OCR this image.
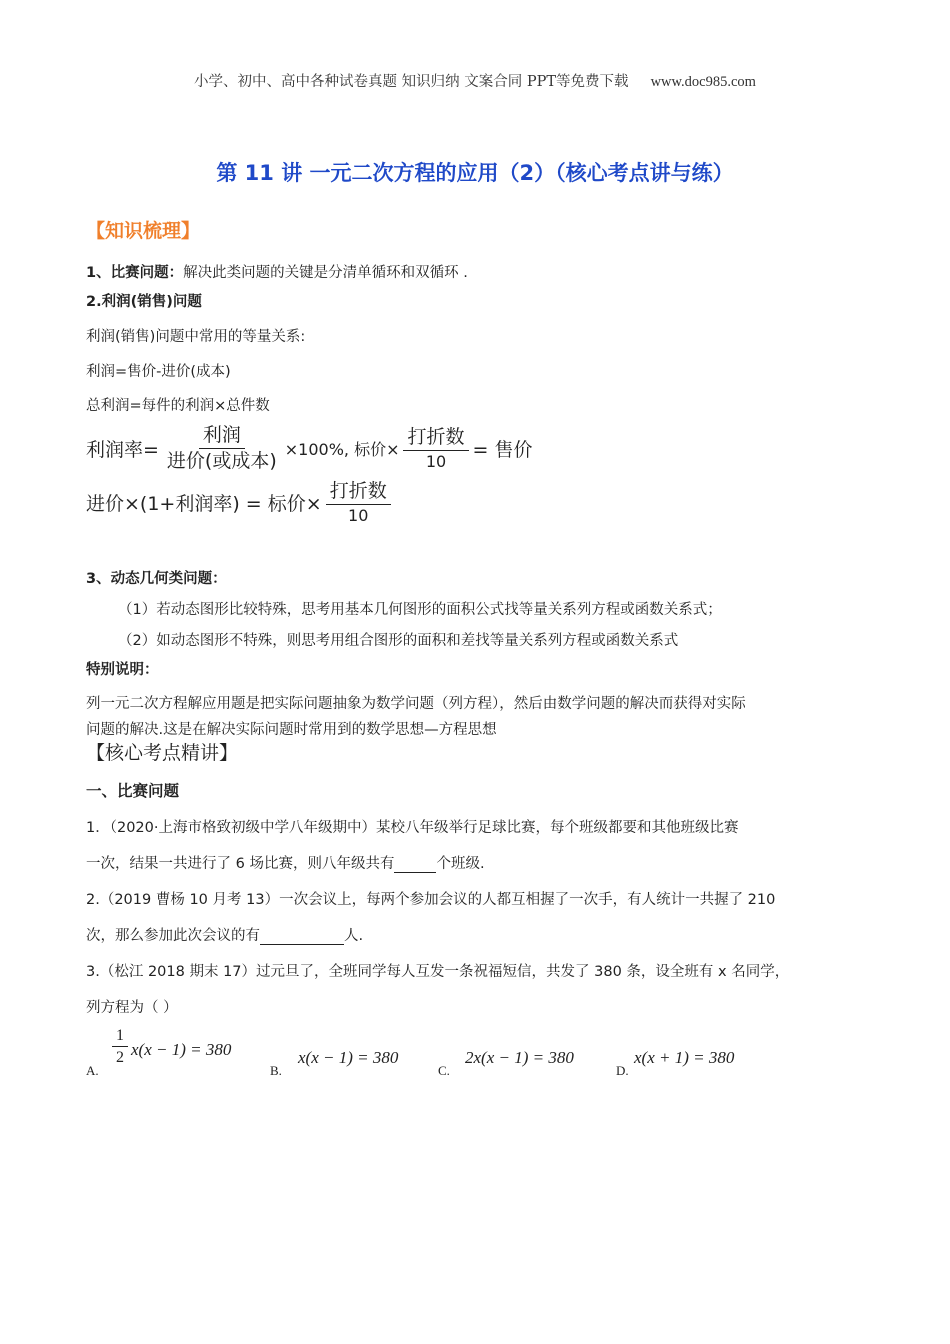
小学、初中、高中各种试卷真题 知识归纳 文案合同 PPT等免费下载 www.doc985.com
第 11 讲 一元二次方程的应用（2）（核心考点讲与练）
【知识梳理】
1、比赛问题：解决此类问题的关键是分清单循环和双循环 .
2.利润(销售)问题
利润(销售)问题中常用的等量关系:
利润=售价-进价(成本)
总利润=每件的利润×总件数
利润率= $\frac{\text{利润}}{\text{进价(或成本)}} \times 100\%$, 标价× $\frac{\text{打折数}}{10}$ = 售价
进价×(1+利润率) = 标价× $\frac{\text{打折数}}{10}$
3、动态几何类问题：
（1）若动态图形比较特殊，思考用基本几何图形的面积公式找等量关系列方程或函数关系式；
（2）如动态图形不特殊，则思考用组合图形的面积和差找等量关系列方程或函数关系式
特别说明：
列一元二次方程解应用题是把实际问题抽象为数学问题（列方程），然后由数学问题的解决而获得对实际
问题的解决.这是在解决实际问题时常用到的数学思想—方程思想
【核心考点精讲】
一、比赛问题
1．（2020·上海市格致初级中学八年级期中）某校八年级举行足球比赛，每个班级都要和其他班级比赛
一次，结果一共进行了 6 场比赛，则八年级共有	个班级.
2.（2019 曹杨 10 月考 13）一次会议上，每两个参加会议的人都互相握了一次手，有人统计一共握了 210
次，那么参加此次会议的有	人.
3.（松江 2018 期末 17）过元旦了，全班同学每人互发一条祝福短信，共发了 380 条，设全班有 x 名同学，
列方程为（ ）
A.
$\frac{1}{2} x(x - 1) = 380$
B.
x(x − 1) = 380
C.
2x(x − 1) = 380
D.
x(x + 1) = 380
